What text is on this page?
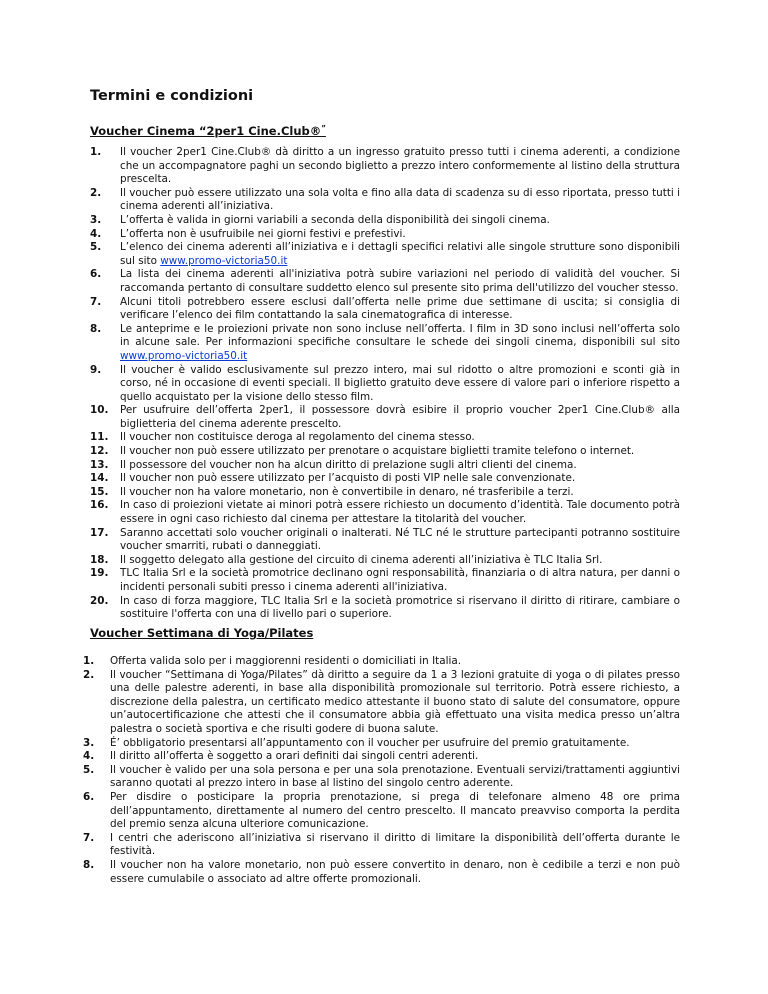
Termini e condizioni
Voucher Cinema “2per1 Cine.Club®”
1. Il voucher 2per1 Cine.Club® dà diritto a un ingresso gratuito presso tutti i cinema aderenti, a condizione che un accompagnatore paghi un secondo biglietto a prezzo intero conformemente al listino della struttura prescelta.
2. Il voucher può essere utilizzato una sola volta e fino alla data di scadenza su di esso riportata, presso tutti i cinema aderenti all’iniziativa.
3. L’offerta è valida in giorni variabili a seconda della disponibilità dei singoli cinema.
4. L’offerta non è usufruibile nei giorni festivi e prefestivi.
5. L’elenco dei cinema aderenti all’iniziativa e i dettagli specifici relativi alle singole strutture sono disponibili sul sito www.promo-victoria50.it
6. La lista dei cinema aderenti all'iniziativa potrà subire variazioni nel periodo di validità del voucher. Si raccomanda pertanto di consultare suddetto elenco sul presente sito prima dell'utilizzo del voucher stesso.
7. Alcuni titoli potrebbero essere esclusi dall’offerta nelle prime due settimane di uscita; si consiglia di verificare l’elenco dei film contattando la sala cinematografica di interesse.
8. Le anteprime e le proiezioni private non sono incluse nell’offerta. I film in 3D sono inclusi nell’offerta solo in alcune sale. Per informazioni specifiche consultare le schede dei singoli cinema, disponibili sul sito www.promo-victoria50.it
9. Il voucher è valido esclusivamente sul prezzo intero, mai sul ridotto o altre promozioni e sconti già in corso, né in occasione di eventi speciali. Il biglietto gratuito deve essere di valore pari o inferiore rispetto a quello acquistato per la visione dello stesso film.
10. Per usufruire dell’offerta 2per1, il possessore dovrà esibire il proprio voucher 2per1 Cine.Club® alla biglietteria del cinema aderente prescelto.
11. Il voucher non costituisce deroga al regolamento del cinema stesso.
12. Il voucher non può essere utilizzato per prenotare o acquistare biglietti tramite telefono o internet.
13. Il possessore del voucher non ha alcun diritto di prelazione sugli altri clienti del cinema.
14. Il voucher non può essere utilizzato per l’acquisto di posti VIP nelle sale convenzionate.
15. Il voucher non ha valore monetario, non è convertibile in denaro, né trasferibile a terzi.
16. In caso di proiezioni vietate ai minori potrà essere richiesto un documento d’identità. Tale documento potrà essere in ogni caso richiesto dal cinema per attestare la titolarità del voucher.
17. Saranno accettati solo voucher originali o inalterati. Né TLC né le strutture partecipanti potranno sostituire voucher smarriti, rubati o danneggiati.
18. Il soggetto delegato alla gestione del circuito di cinema aderenti all’iniziativa è TLC Italia Srl.
19. TLC Italia Srl e la società promotrice declinano ogni responsabilità, finanziaria o di altra natura, per danni o incidenti personali subiti presso i cinema aderenti all'iniziativa.
20. In caso di forza maggiore, TLC Italia Srl e la società promotrice si riservano il diritto di ritirare, cambiare o sostituire l'offerta con una di livello pari o superiore.
Voucher Settimana di Yoga/Pilates
1. Offerta valida solo per i maggiorenni residenti o domiciliati in Italia.
2. Il voucher “Settimana di Yoga/Pilates” dà diritto a seguire da 1 a 3 lezioni gratuite di yoga o di pilates presso una delle palestre aderenti, in base alla disponibilità promozionale sul territorio. Potrà essere richiesto, a discrezione della palestra, un certificato medico attestante il buono stato di salute del consumatore, oppure un’autocertificazione che attesti che il consumatore abbia già effettuato una visita medica presso un’altra palestra o società sportiva e che risulti godere di buona salute.
3. É’ obbligatorio presentarsi all’appuntamento con il voucher per usufruire del premio gratuitamente.
4. Il diritto all’offerta è soggetto a orari definiti dai singoli centri aderenti.
5. Il voucher è valido per una sola persona e per una sola prenotazione. Eventuali servizi/trattamenti aggiuntivi saranno quotati al prezzo intero in base al listino del singolo centro aderente.
6. Per disdire o posticipare la propria prenotazione, si prega di telefonare almeno 48 ore prima dell’appuntamento, direttamente al numero del centro prescelto. Il mancato preavviso comporta la perdita del premio senza alcuna ulteriore comunicazione.
7. I centri che aderiscono all’iniziativa si riservano il diritto di limitare la disponibilità dell’offerta durante le festività.
8. Il voucher non ha valore monetario, non può essere convertito in denaro, non è cedibile a terzi e non può essere cumulabile o associato ad altre offerte promozionali.
